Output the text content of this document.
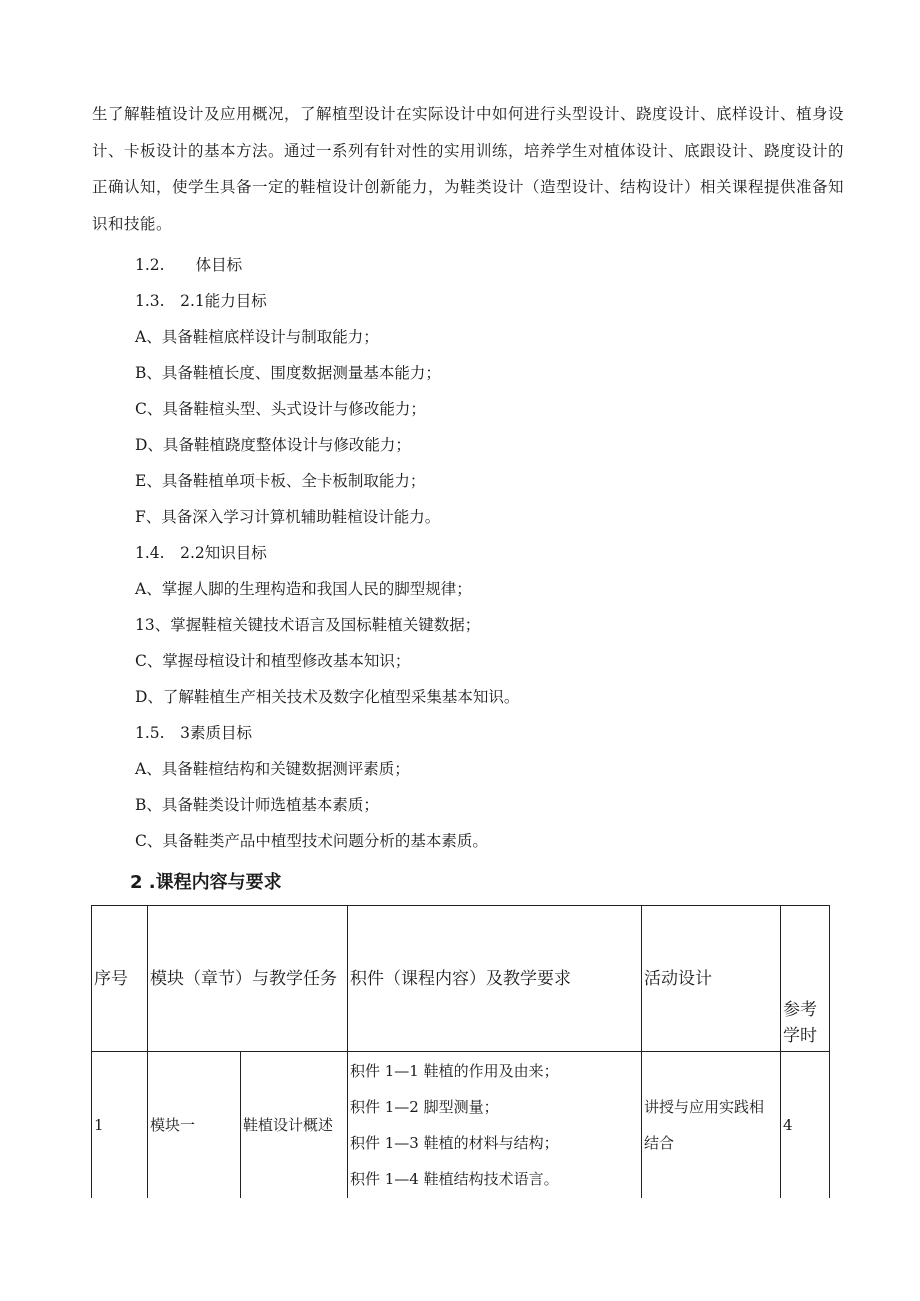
生了解鞋植设计及应用概况，了解植型设计在实际设计中如何进行头型设计、跷度设计、底样设计、植身设计、卡板设计的基本方法。通过一系列有针对性的实用训练，培养学生对植体设计、底跟设计、跷度设计的正确认知，使学生具备一定的鞋楦设计创新能力，为鞋类设计（造型设计、结构设计）相关课程提供准备知识和技能。

1.2.　　体目标
1.3.　2.1能力目标
A、具备鞋楦底样设计与制取能力；
B、具备鞋植长度、围度数据测量基本能力；
C、具备鞋楦头型、头式设计与修改能力；
D、具备鞋植跷度整体设计与修改能力；
E、具备鞋植单项卡板、全卡板制取能力；
F、具备深入学习计算机辅助鞋楦设计能力。
1.4.　2.2知识目标
A、掌握人脚的生理构造和我国人民的脚型规律；
13、掌握鞋楦关键技术语言及国标鞋植关键数据；
C、掌握母楦设计和植型修改基本知识；
D、了解鞋植生产相关技术及数字化植型采集基本知识。
1.5.　3素质目标
A、具备鞋楦结构和关键数据测评素质；
B、具备鞋类设计师选植基本素质；
C、具备鞋类产品中植型技术问题分析的基本素质。
2 .课程内容与要求
序号	模块（章节）与教学任务		积件（课程内容）及教学要求	活动设计	参考学时
1	模块一	鞋植设计概述	积件 1—1 鞋植的作用及由来；
积件 1—2 脚型测量；
积件 1—3 鞋植的材料与结构；
积件 1—4 鞋植结构技术语言。	讲授与应用实践相结合	4
